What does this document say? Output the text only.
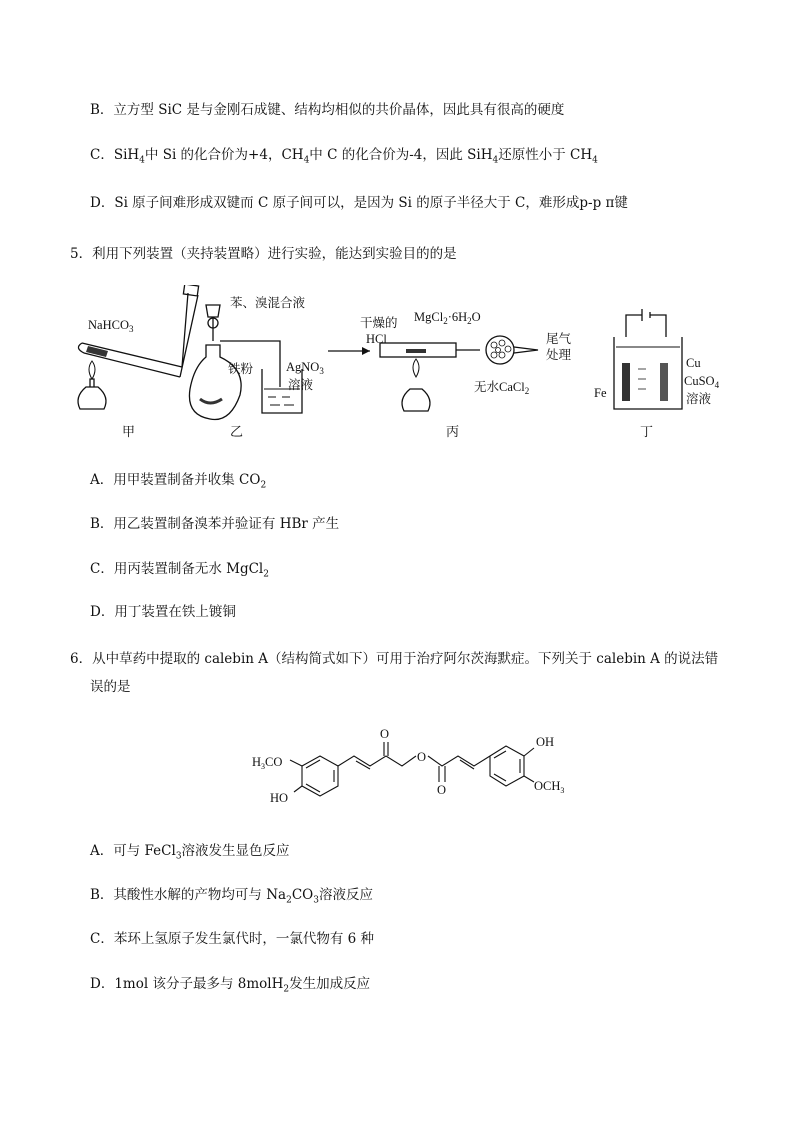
B．立方型 SiC 是与金刚石成键、结构均相似的共价晶体，因此具有很高的硬度
C．SiH$_4$中 Si 的化合价为+4，$CH_4$中 C 的化合价为-4，因此 SiH$_4$还原性小于 $CH_4$
D．Si 原子间难形成双键而 C 原子间可以，是因为 Si 的原子半径大于 C，难形成p-p π键
5．利用下列装置（夹持装置略）进行实验，能达到实验目的的是
NaHCO$_3$
甲
苯、溴混合液
铁粉	AgNO$_3$
溶液
乙
干燥的
HCl
$MgCl_2\cdot 6H_2O$
尾气
处理
无水CaCl$_2$
丙
Cu
Fe
CuSO$_4$
溶液
丁
A．用甲装置制备并收集 $CO_2$
B．用乙装置制备溴苯并验证有 HBr 产生
C．用丙装置制备无水 MgCl$_2$
D．用丁装置在铁上镀铜
6．从中草药中提取的 calebin A（结构简式如下）可用于治疗阿尔茨海默症。下列关于 calebin A 的说法错
误的是
$H_3CO$
HO
O
O
O
OH
$OCH_3$
A．可与 FeCl$_3$溶液发生显色反应
B．其酸性水解的产物均可与 $Na_2CO_3$溶液反应
C．苯环上氢原子发生氯代时，一氯代物有 6 种
D．1mol 该分子最多与 8molH$_2$发生加成反应
